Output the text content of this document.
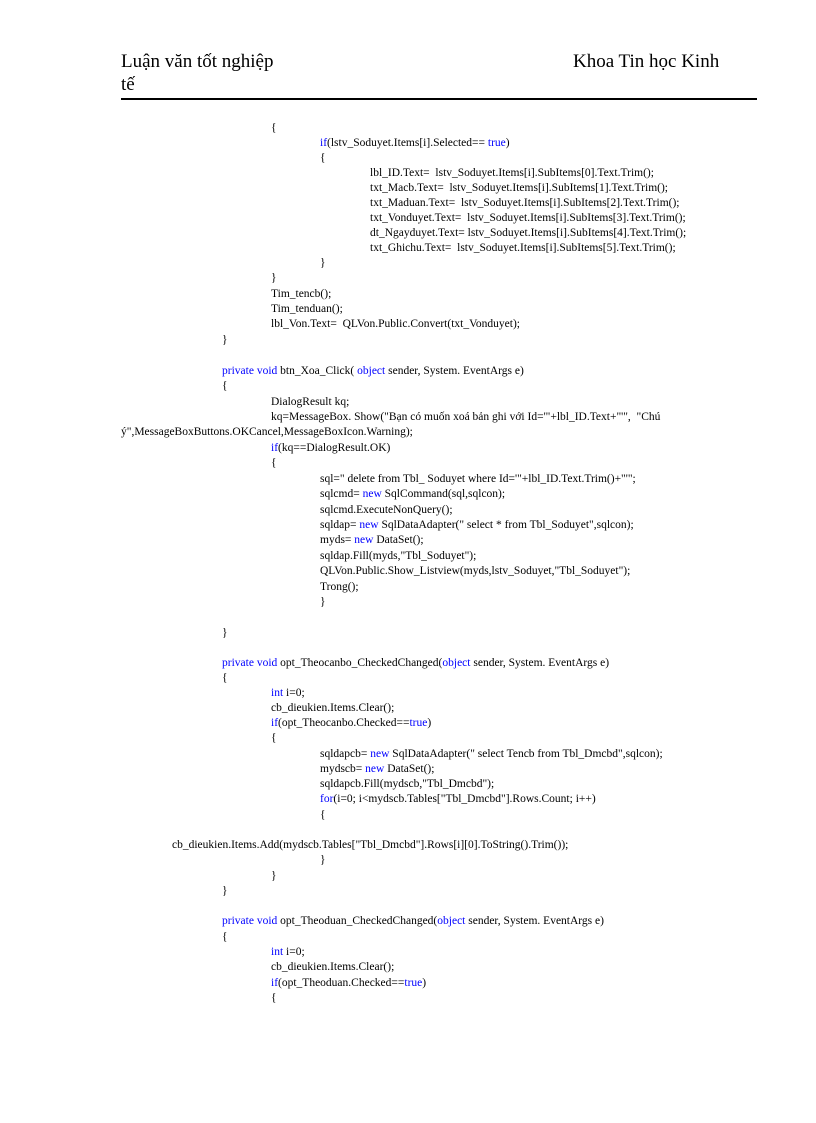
Luận văn tốt nghiệp
tế
Khoa Tin học Kinh
{
if(lstv_Soduyet.Items[i].Selected== true)
{
lbl_ID.Text=  lstv_Soduyet.Items[i].SubItems[0].Text.Trim();
txt_Macb.Text=  lstv_Soduyet.Items[i].SubItems[1].Text.Trim();
txt_Maduan.Text=  lstv_Soduyet.Items[i].SubItems[2].Text.Trim();
txt_Vonduyet.Text=  lstv_Soduyet.Items[i].SubItems[3].Text.Trim();
dt_Ngayduyet.Text= lstv_Soduyet.Items[i].SubItems[4].Text.Trim();
txt_Ghichu.Text=  lstv_Soduyet.Items[i].SubItems[5].Text.Trim();
}
}
Tim_tencb();
Tim_tenduan();
lbl_Von.Text=  QLVon.Public.Convert(txt_Vonduyet);
}
private void btn_Xoa_Click( object sender, System. EventArgs e)
{
DialogResult kq;
kq=MessageBox. Show("Bạn có muốn xoá bản ghi với Id='"+lbl_ID.Text+"'",  "Chú
ý",MessageBoxButtons.OKCancel,MessageBoxIcon.Warning);
if(kq==DialogResult.OK)
{
sql=" delete from Tbl_ Soduyet where Id='"+lbl_ID.Text.Trim()+"'";
sqlcmd= new SqlCommand(sql,sqlcon);
sqlcmd.ExecuteNonQuery();
sqldap= new SqlDataAdapter(" select * from Tbl_Soduyet",sqlcon);
myds= new DataSet();
sqldap.Fill(myds,"Tbl_Soduyet");
QLVon.Public.Show_Listview(myds,lstv_Soduyet,"Tbl_Soduyet");
Trong();
}
}
private void opt_Theocanbo_CheckedChanged(object sender, System. EventArgs e)
{
int i=0;
cb_dieukien.Items.Clear();
if(opt_Theocanbo.Checked==true)
{
sqldapcb= new SqlDataAdapter(" select Tencb from Tbl_Dmcbd",sqlcon);
mydscb= new DataSet();
sqldapcb.Fill(mydscb,"Tbl_Dmcbd");
for(i=0; i<mydscb.Tables["Tbl_Dmcbd"].Rows.Count; i++)
{
cb_dieukien.Items.Add(mydscb.Tables["Tbl_Dmcbd"].Rows[i][0].ToString().Trim());
}
}
}
private void opt_Theoduan_CheckedChanged(object sender, System. EventArgs e)
{
int i=0;
cb_dieukien.Items.Clear();
if(opt_Theoduan.Checked==true)
{
